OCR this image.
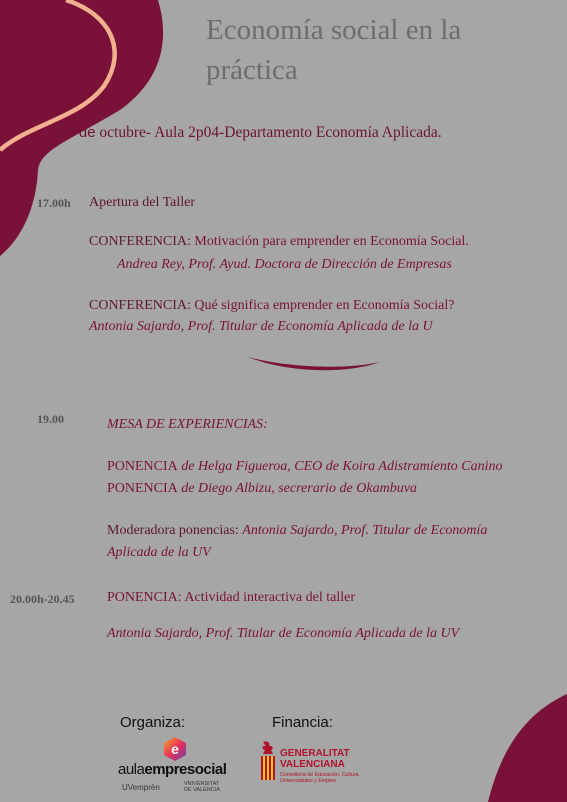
Economía social en la práctica
14 de octubre- Aula 2p04-Departamento Economía Aplicada.
17.00h Apertura del Taller
CONFERENCIA: Motivación para emprender en Economía Social.
Andrea Rey, Prof. Ayud. Doctora de Dirección de Empresas
CONFERENCIA: Qué significa emprender en Economía Social?
Antonia Sajardo, Prof. Titular de Economía Aplicada de la U
19.00	MESA DE EXPERIENCIAS:
PONENCIA de Helga Figueroa, CEO de Koira Adistramiento Canino
PONENCIA de Diego Albizu, secrerario de Okambuva
Moderadora ponencias: Antonia Sajardo, Prof. Titular de Economía
Aplicada de la UV
20.00h-20.45 PONENCIA: Actividad interactiva del taller
Antonia Sajardo, Prof. Titular de Economía Aplicada de la UV
Organiza:	Financia:
e
aulaempresocial
UVemprèn	VNIVERSITAT
DE VALÈNCIA
GENERALITAT
VALENCIANA
Conselleria de Educación, Cultura,
Universidades y Empleo
